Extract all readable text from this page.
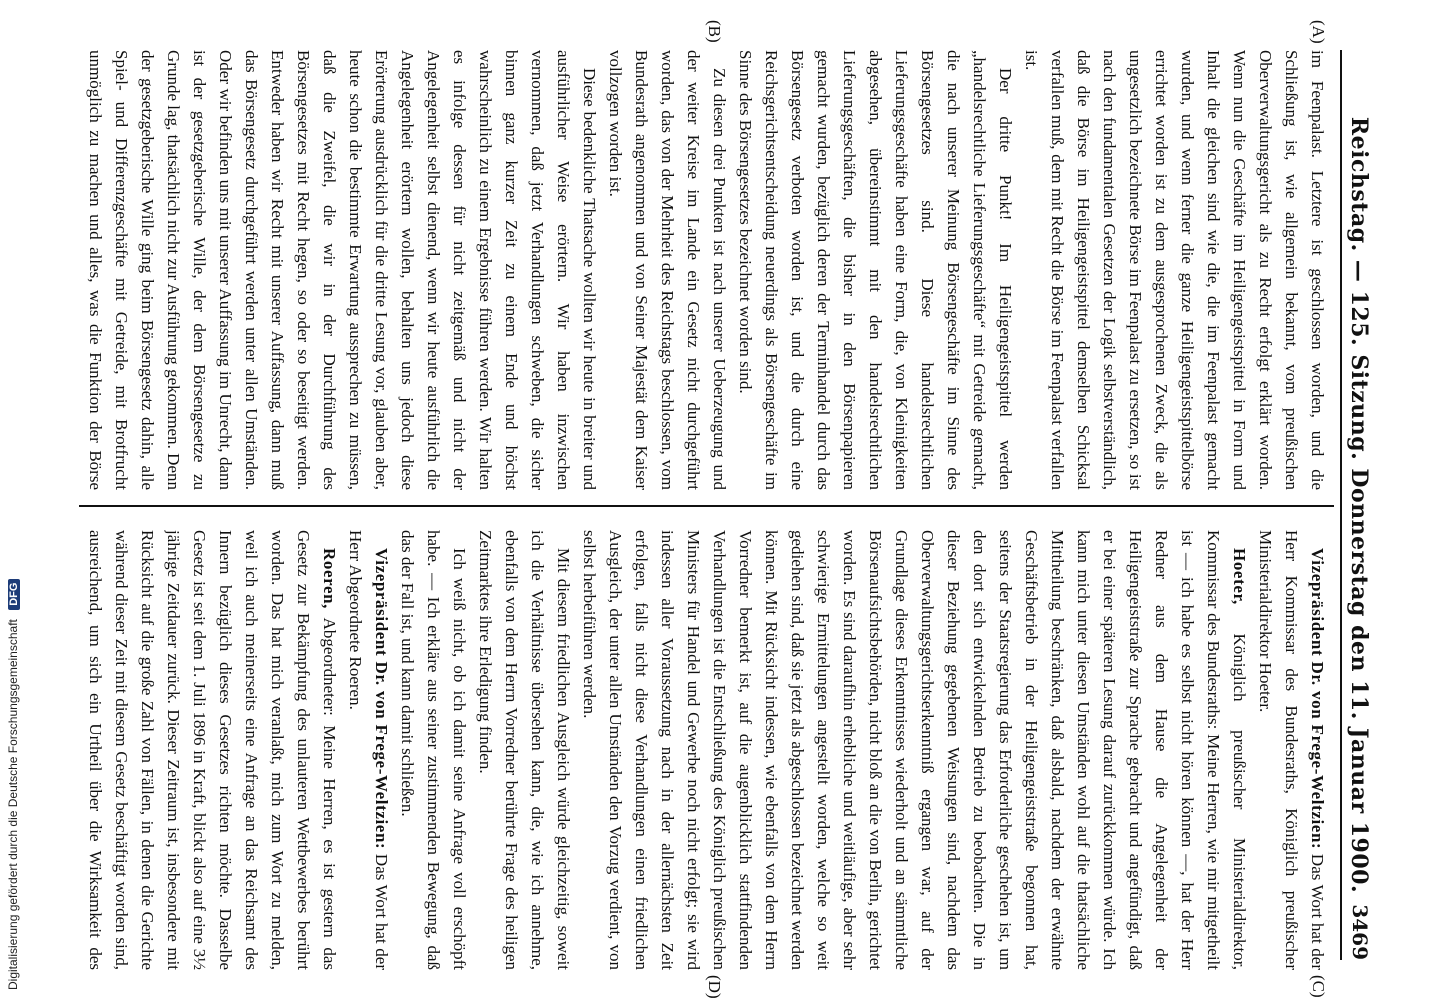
Reichstag. — 125. Sitzung. Donnerstag den 11. Januar 1900.
3469
(A)
(B)
(C)
(D)

im Feenpalast. Letztere ist geschlossen worden, und die Schließung ist, wie allgemein bekannt, vom preußischen Oberverwaltungsgericht als zu Recht erfolgt erklärt worden. Wenn nun die Geschäfte im Heiligengeistspittel in Form und Inhalt die gleichen sind wie die, die im Feenpalast gemacht wurden, und wenn ferner die ganze Heiligengeistspittelbörse errichtet worden ist zu dem ausgesprochenen Zweck, die als ungesetzlich bezeichnete Börse im Feenpalast zu ersetzen, so ist nach den fundamentalen Gesetzen der Logik selbstverständlich, daß die Börse im Heiligengeistspittel demselben Schicksal verfallen muß, dem mit Recht die Börse im Feenpalast verfallen ist.

Der dritte Punkt! Im Heiligengeistspittel werden „handelsrechtliche Lieferungsgeschäfte“ mit Getreide gemacht, die nach unserer Meinung Börsengeschäfte im Sinne des Börsengesetzes sind. Diese handelsrechtlichen Lieferungsgeschäfte haben eine Form, die, von Kleinigkeiten abgesehen, übereinstimmt mit den handelsrechtlichen Lieferungsgeschäften, die bisher in den Börsenpapieren gemacht wurden, bezüglich deren der Terminhandel durch das Börsengesetz verboten worden ist, und die durch eine Reichsgerichtsentscheidung neuerdings als Börsengeschäfte im Sinne des Börsengesetzes bezeichnet worden sind.

Zu diesen drei Punkten ist nach unserer Ueberzeugung und der weiter Kreise im Lande ein Gesetz nicht durchgeführt worden, das von der Mehrheit des Reichstags beschlossen, vom Bundesrath angenommen und von Seiner Majestät dem Kaiser vollzogen worden ist.

Diese bedenkliche Thatsache wollten wir heute in breiter und ausführlicher Weise erörtern. Wir haben inzwischen vernommen, daß jetzt Verhandlungen schweben, die sicher binnen ganz kurzer Zeit zu einem Ende und höchst wahrscheinlich zu einem Ergebnisse führen werden. Wir halten es infolge dessen für nicht zeitgemäß und nicht der Angelegenheit selbst dienend, wenn wir heute ausführlich die Angelegenheit erörtern wollen, behalten uns jedoch diese Erörterung ausdrücklich für die dritte Lesung vor, glauben aber, heute schon die bestimmte Erwartung aussprechen zu müssen, daß die Zweifel, die wir in der Durchführung des Börsengesetzes mit Recht hegen, so oder so beseitigt werden. Entweder haben wir Recht mit unserer Auffassung, dann muß das Börsengesetz durchgeführt werden unter allen Umständen. Oder wir befinden uns mit unserer Auffassung im Unrecht, dann ist der gesetzgeberische Wille, der dem Börsengesetze zu Grunde lag, thatsächlich nicht zur Ausführung gekommen. Denn der gesetzgeberische Wille ging beim Börsengesetz dahin, alle Spiel- und Differenzgeschäfte mit Getreide, mit Brotfrucht unmöglich zu machen und alles, was die Funktion der Börse

Vizepräsident Dr. von Frege-Weltzien: Das Wort hat der Herr Kommissar des Bundesraths, Königlich preußischer Ministerialdirektor Hoeter.

Hoeter, Königlich preußischer Ministerialdirektor, Kommissar des Bundesraths: Meine Herren, wie mir mitgetheilt ist — ich habe es selbst nicht hören können —, hat der Herr Redner aus dem Hause die Angelegenheit der Heiligengeiststraße zur Sprache gebracht und angefündigt, daß er bei einer späteren Lesung darauf zurückkommen würde. Ich kann mich unter diesen Umständen wohl auf die thatsächliche Mittheilung beschränken, daß alsbald, nachdem der erwähnte Geschäftsbetrieb in der Heiligengeiststraße begonnen hat, seitens der Staatsregierung das Erforderliche geschehen ist, um den dort sich entwickelnden Betrieb zu beobachten. Die in dieser Beziehung gegebenen Weisungen sind, nachdem das Oberverwaltungsgerichtserkenntniß ergangen war, auf der Grundlage dieses Erkenntnisses wiederholt und an sämmtliche Börsenaufsichtsbehörden, nicht bloß an die von Berlin, gerichtet worden. Es sind daraufhin erhebliche und weitläufige, aber sehr schwierige Ermittelungen angestellt worden, welche so weit gediehen sind, daß sie jetzt als abgeschlossen bezeichnet werden können. Mit Rücksicht indessen, wie ebenfalls von dem Herrn Vorredner bemerkt ist, auf die augenblicklich stattfindenden Verhandlungen ist die Entschließung des Königlich preußischen Ministers für Handel und Gewerbe noch nicht erfolgt; sie wird indessen aller Voraussetzung nach in der allernächsten Zeit erfolgen, falls nicht diese Verhandlungen einen friedlichen Ausgleich, der unter allen Umständen den Vorzug verdient, von selbst herbeiführen werden.

Mit diesem friedlichen Ausgleich würde gleichzeitig, soweit ich die Verhältnisse übersehen kann, die, wie ich annehme, ebenfalls von dem Herrn Vorredner berührte Frage des heiligen Zeitmarktes ihre Erledigung finden.

Ich weiß nicht, ob ich damit seine Anfrage voll erschöpft habe. — Ich erkläre aus seiner zustimmenden Bewegung, daß das der Fall ist, und kann damit schließen.

Vizepräsident Dr. von Frege-Weltzien: Das Wort hat der Herr Abgeordnete Roeren.

Roeren, Abgeordneter: Meine Herren, es ist gestern das Gesetz zur Bekämpfung des unlauteren Wettbewerbes berührt worden. Das hat mich veranlaßt, mich zum Wort zu melden, weil ich auch meinerseits eine Anfrage an das Reichsamt des Innern bezüglich dieses Gesetzes richten möchte. Dasselbe Gesetz ist seit dem 1. Juli 1896 in Kraft, blickt also auf eine 3½ jährige Zeitdauer zurück. Dieser Zeitraum ist, insbesondere mit Rücksicht auf die große Zahl von Fällen, in denen die Gerichte während dieser Zeit mit diesem Gesetz beschäftigt worden sind, ausreichend, um sich ein Urtheil über die Wirksamkeit des

Digitalisierung gefördert durch die Deutsche Forschungsgemeinschaft DFG
